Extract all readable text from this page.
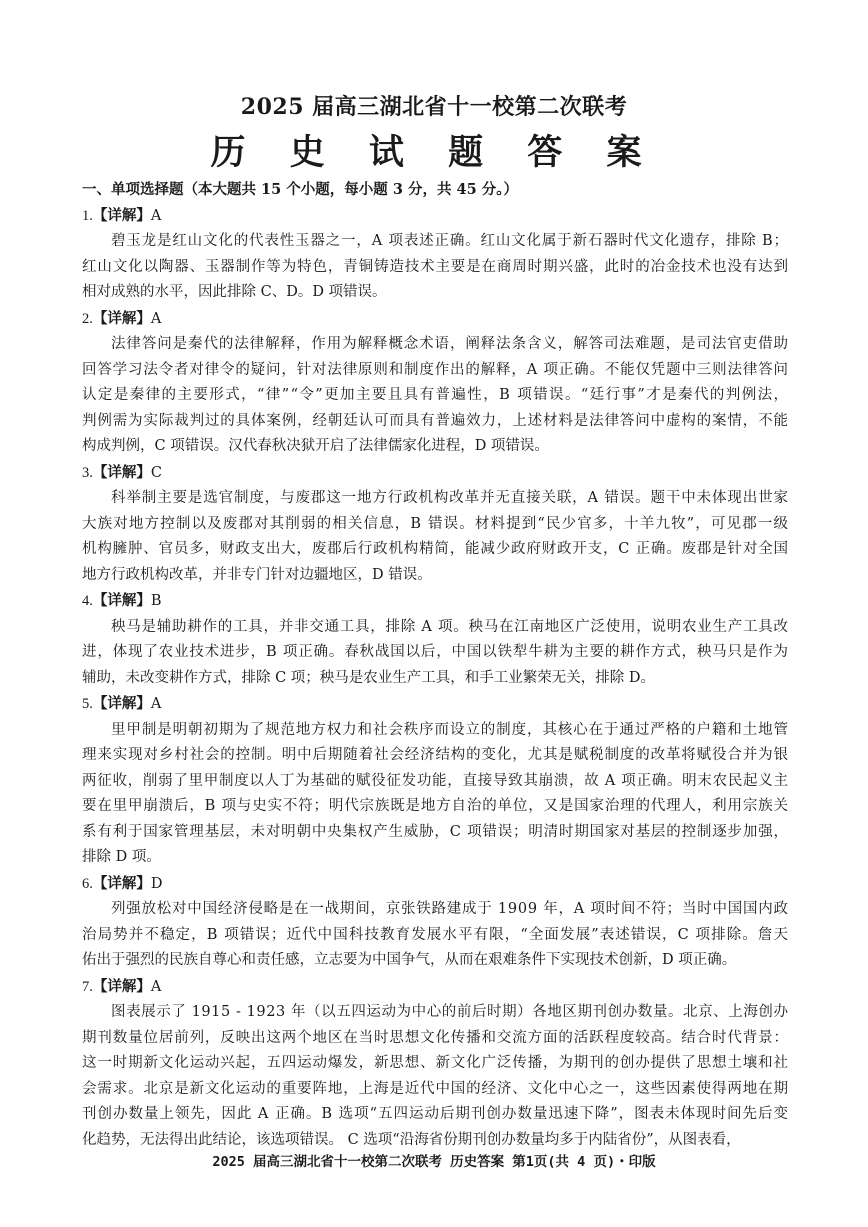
2025 届高三湖北省十一校第二次联考
历 史 试 题 答 案
一、单项选择题（本大题共 15 个小题，每小题 3 分，共 45 分。）
1.【详解】A
碧玉龙是红山文化的代表性玉器之一，A 项表述正确。红山文化属于新石器时代文化遗存，排除 B；
红山文化以陶器、玉器制作等为特色，青铜铸造技术主要是在商周时期兴盛，此时的冶金技术也没有达到
相对成熟的水平，因此排除 C、D。D 项错误。
2.【详解】A
法律答问是秦代的法律解释，作用为解释概念术语，阐释法条含义，解答司法难题，是司法官吏借助
回答学习法令者对律令的疑问，针对法律原则和制度作出的解释，A 项正确。不能仅凭题中三则法律答问
认定是秦律的主要形式，“律”“令”更加主要且具有普遍性，B 项错误。“廷行事”才是秦代的判例法，
判例需为实际裁判过的具体案例，经朝廷认可而具有普遍效力，上述材料是法律答问中虚构的案情，不能
构成判例，C 项错误。汉代春秋决狱开启了法律儒家化进程，D 项错误。
3.【详解】C
科举制主要是选官制度，与废郡这一地方行政机构改革并无直接关联，A 错误。题干中未体现出世家
大族对地方控制以及废郡对其削弱的相关信息，B 错误。材料提到“民少官多，十羊九牧”，可见郡一级
机构臃肿、官员多，财政支出大，废郡后行政机构精简，能减少政府财政开支，C 正确。废郡是针对全国
地方行政机构改革，并非专门针对边疆地区，D 错误。
4.【详解】B
秧马是辅助耕作的工具，并非交通工具，排除 A 项。秧马在江南地区广泛使用，说明农业生产工具改
进，体现了农业技术进步，B 项正确。春秋战国以后，中国以铁犁牛耕为主要的耕作方式，秧马只是作为
辅助，未改变耕作方式，排除 C 项；秧马是农业生产工具，和手工业繁荣无关，排除 D。
5.【详解】A
里甲制是明朝初期为了规范地方权力和社会秩序而设立的制度，其核心在于通过严格的户籍和土地管
理来实现对乡村社会的控制。明中后期随着社会经济结构的变化，尤其是赋税制度的改革将赋役合并为银
两征收，削弱了里甲制度以人丁为基础的赋役征发功能，直接导致其崩溃，故 A 项正确。明末农民起义主
要在里甲崩溃后，B 项与史实不符；明代宗族既是地方自治的单位，又是国家治理的代理人，利用宗族关
系有利于国家管理基层，未对明朝中央集权产生威胁，C 项错误；明清时期国家对基层的控制逐步加强，
排除 D 项。
6.【详解】D
列强放松对中国经济侵略是在一战期间，京张铁路建成于 1909 年，A 项时间不符；当时中国国内政
治局势并不稳定，B 项错误；近代中国科技教育发展水平有限，“全面发展”表述错误，C 项排除。詹天
佑出于强烈的民族自尊心和责任感，立志要为中国争气，从而在艰难条件下实现技术创新，D 项正确。
7.【详解】A
图表展示了 1915 - 1923 年（以五四运动为中心的前后时期）各地区期刊创办数量。北京、上海创办
期刊数量位居前列，反映出这两个地区在当时思想文化传播和交流方面的活跃程度较高。结合时代背景：
这一时期新文化运动兴起，五四运动爆发，新思想、新文化广泛传播，为期刊的创办提供了思想土壤和社
会需求。北京是新文化运动的重要阵地，上海是近代中国的经济、文化中心之一，这些因素使得两地在期
刊创办数量上领先，因此 A 正确。B 选项“五四运动后期刊创办数量迅速下降”，图表未体现时间先后变
化趋势，无法得出此结论，该选项错误。 C 选项“沿海省份期刊创办数量均多于内陆省份”，从图表看，
2025 届高三湖北省十一校第二次联考 历史答案 第1页(共 4 页)・印版
